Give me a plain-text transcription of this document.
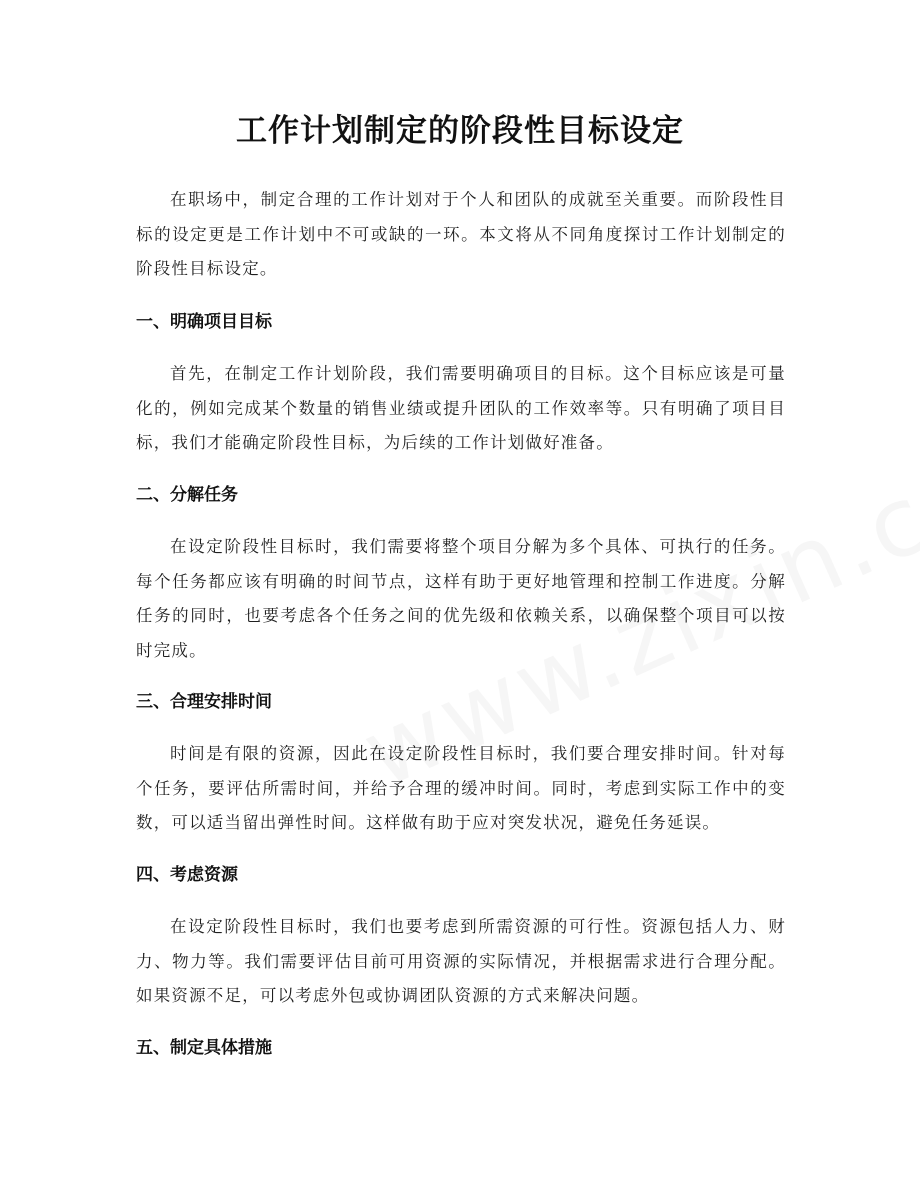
工作计划制定的阶段性目标设定

在职场中，制定合理的工作计划对于个人和团队的成就至关重要。而阶段性目标的设定更是工作计划中不可或缺的一环。本文将从不同角度探讨工作计划制定的阶段性目标设定。

一、明确项目目标

首先，在制定工作计划阶段，我们需要明确项目的目标。这个目标应该是可量化的，例如完成某个数量的销售业绩或提升团队的工作效率等。只有明确了项目目标，我们才能确定阶段性目标，为后续的工作计划做好准备。

二、分解任务

在设定阶段性目标时，我们需要将整个项目分解为多个具体、可执行的任务。每个任务都应该有明确的时间节点，这样有助于更好地管理和控制工作进度。分解任务的同时，也要考虑各个任务之间的优先级和依赖关系，以确保整个项目可以按时完成。

三、合理安排时间

时间是有限的资源，因此在设定阶段性目标时，我们要合理安排时间。针对每个任务，要评估所需时间，并给予合理的缓冲时间。同时，考虑到实际工作中的变数，可以适当留出弹性时间。这样做有助于应对突发状况，避免任务延误。

四、考虑资源

在设定阶段性目标时，我们也要考虑到所需资源的可行性。资源包括人力、财力、物力等。我们需要评估目前可用资源的实际情况，并根据需求进行合理分配。如果资源不足，可以考虑外包或协调团队资源的方式来解决问题。

五、制定具体措施
